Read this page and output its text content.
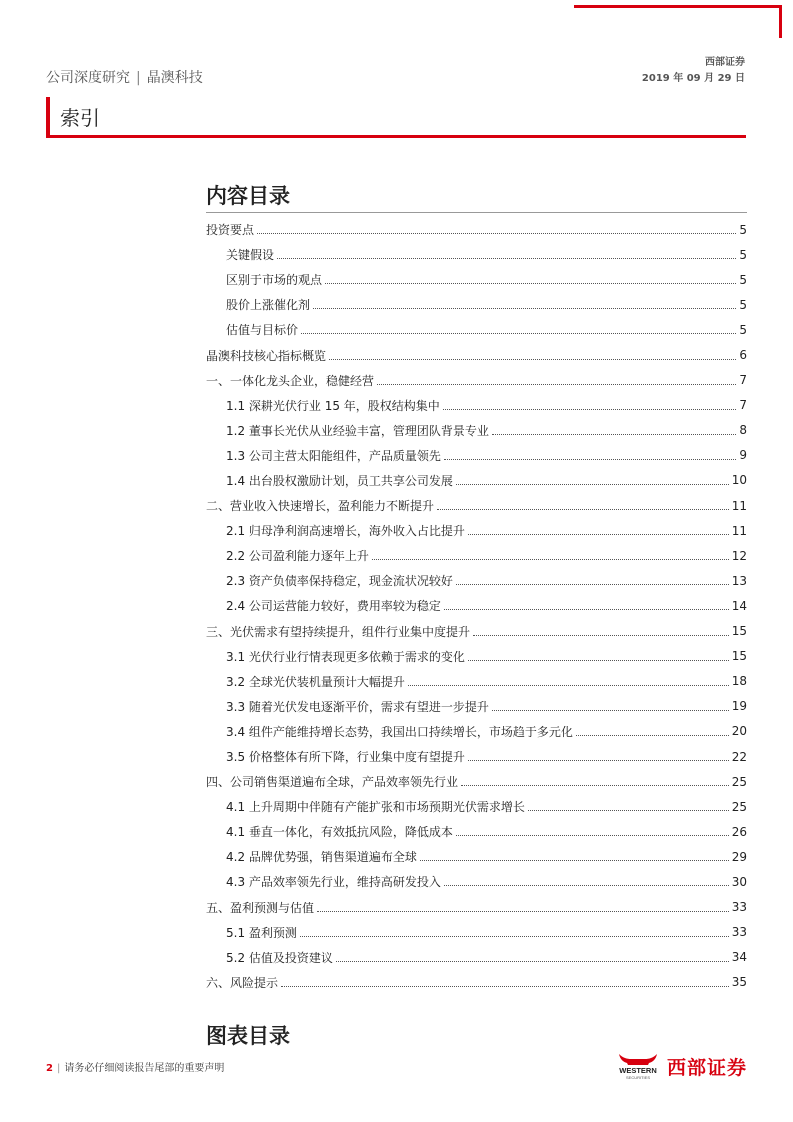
公司深度研究 | 晶澳科技
西部证券
2019 年 09 月 29 日
索引
内容目录
投资要点	5
关键假设	5
区别于市场的观点	5
股价上涨催化剂	5
估值与目标价	5
晶澳科技核心指标概览	6
一、一体化龙头企业，稳健经营	7
1.1 深耕光伏行业 15 年，股权结构集中	7
1.2 董事长光伏从业经验丰富，管理团队背景专业	8
1.3 公司主营太阳能组件，产品质量领先	9
1.4 出台股权激励计划，员工共享公司发展	10
二、营业收入快速增长，盈利能力不断提升	11
2.1 归母净利润高速增长，海外收入占比提升	11
2.2 公司盈利能力逐年上升	12
2.3 资产负债率保持稳定，现金流状况较好	13
2.4 公司运营能力较好，费用率较为稳定	14
三、光伏需求有望持续提升，组件行业集中度提升	15
3.1 光伏行业行情表现更多依赖于需求的变化	15
3.2 全球光伏装机量预计大幅提升	18
3.3 随着光伏发电逐渐平价，需求有望进一步提升	19
3.4 组件产能维持增长态势，我国出口持续增长，市场趋于多元化	20
3.5 价格整体有所下降，行业集中度有望提升	22
四、公司销售渠道遍布全球，产品效率领先行业	25
4.1 上升周期中伴随有产能扩张和市场预期光伏需求增长	25
4.1 垂直一体化，有效抵抗风险，降低成本	26
4.2 品牌优势强，销售渠道遍布全球	29
4.3 产品效率领先行业，维持高研发投入	30
五、盈利预测与估值	33
5.1 盈利预测	33
5.2 估值及投资建议	34
六、风险提示	35
图表目录
2 | 请务必仔细阅读报告尾部的重要声明	WESTERN
SECURITIES 西部证券
